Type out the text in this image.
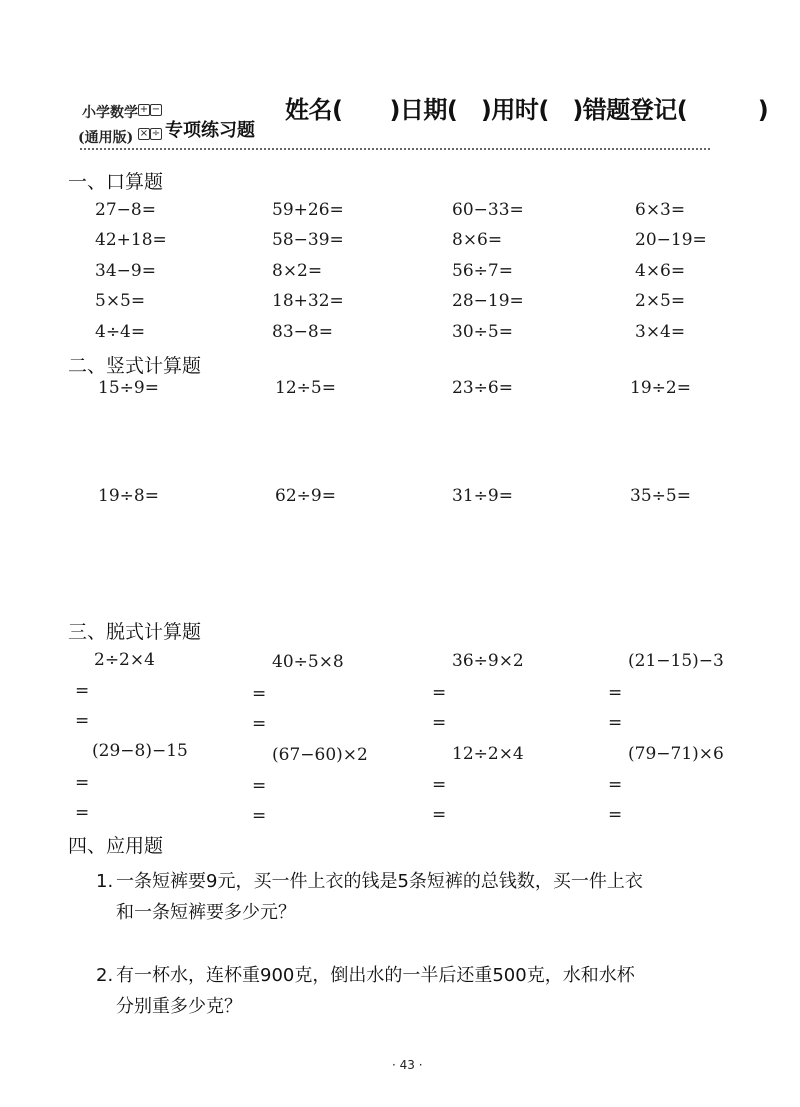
小学数学
(通用版)
+ −
× ÷ 专项练习题
姓名(　　)日期(　)用时(　)错题登记(　　　)
一、口算题
27−8=	59+26=	60−33=	6×3=
42+18=	58−39=	8×6=	20−19=
34−9=	8×2=	56÷7=	4×6=
5×5=	18+32=	28−19=	2×5=
4÷4=	83−8=	30÷5=	3×4=
二、竖式计算题
15÷9=	12÷5=	23÷6=	19÷2=
19÷8=	62÷9=	31÷9=	35÷5=
三、脱式计算题
2÷2×4	40÷5×8	36÷9×2	(21−15)−3
=	=	=	=
=	=	=	=
(29−8)−15	(67−60)×2	12÷2×4	(79−71)×6
=	=	=	=
=	=	=	=
四、应用题
1. 一条短裤要9元，买一件上衣的钱是5条短裤的总钱数，买一件上衣
和一条短裤要多少元？
2. 有一杯水，连杯重900克，倒出水的一半后还重500克，水和水杯
分别重多少克？
· 43 ·
